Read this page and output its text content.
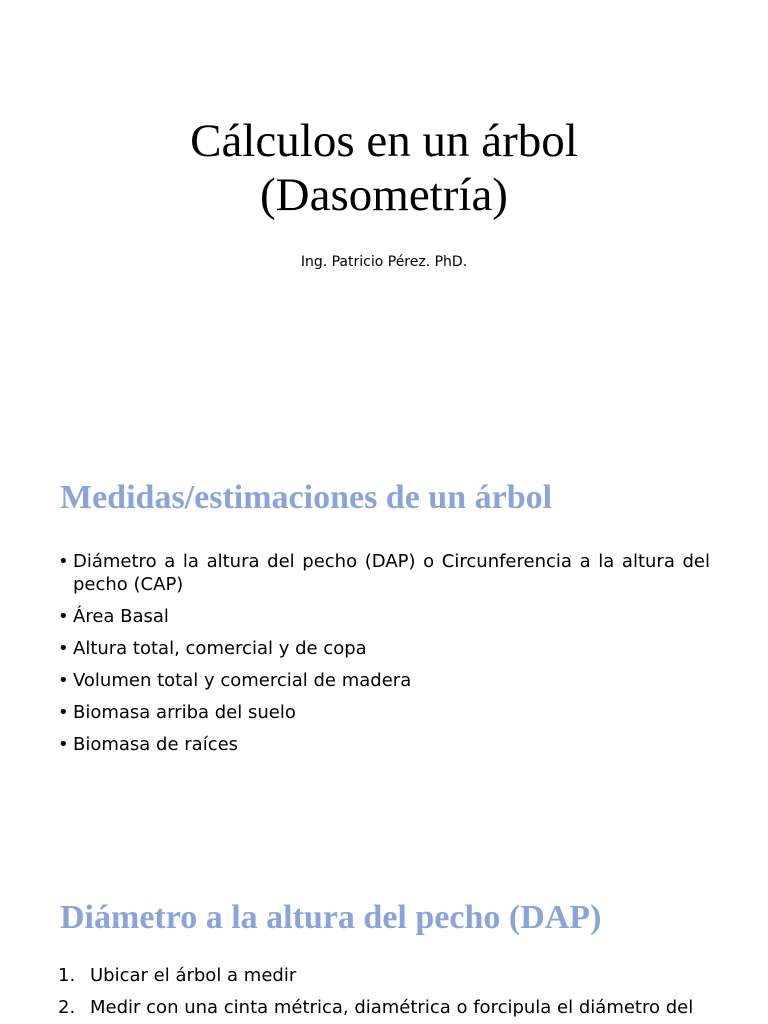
Cálculos en un árbol
(Dasometría)
Ing. Patricio Pérez. PhD.
Medidas/estimaciones de un árbol
• Diámetro a la altura del pecho (DAP) o Circunferencia a la altura del pecho (CAP)
• Área Basal
• Altura total, comercial y de copa
• Volumen total y comercial de madera
• Biomasa arriba del suelo
• Biomasa de raíces
Diámetro a la altura del pecho (DAP)
1. Ubicar el árbol a medir
2. Medir con una cinta métrica, diamétrica o forcipula el diámetro del
